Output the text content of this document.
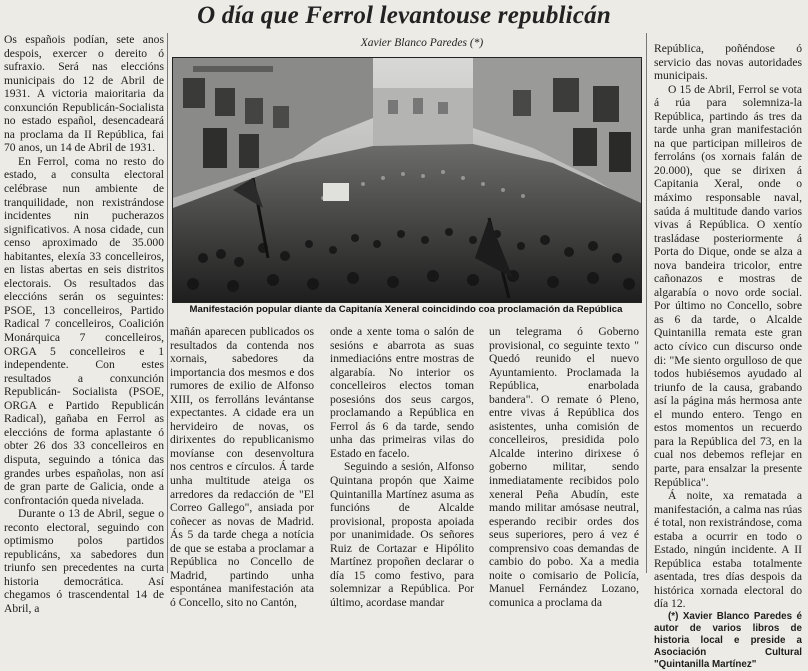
O día que Ferrol levantouse republicán
Xavier Blanco Paredes (*)

Os españois podían, sete anos despois, exercer o dereito ó sufraxio. Será nas eleccións municipais do 12 de Abril de 1931. A victoria maioritaria da conxunción Republicán-Socialista no estado español, desencadeará na proclama da II República, fai 70 anos, un 14 de Abril de 1931.

En Ferrol, coma no resto do estado, a consulta electoral celébrase nun ambiente de tranquilidade, non rexistrándose incidentes nin pucherazos significativos. A nosa cidade, cun censo aproximado de 35.000 habitantes, elexía 33 concelleiros, en listas abertas en seis distritos electorais. Os resultados das eleccións serán os seguintes: PSOE, 13 concelleiros, Partido Radical 7 concelleiros, Coalición Monárquica 7 concelleiros, ORGA 5 concelleiros e 1 independente. Con estes resultados a conxunción Republicán- Socialista (PSOE, ORGA e Partido Republicán Radical), gañaba en Ferrol as eleccións de forma aplastante ó obter 26 dos 33 concelleiros en disputa, seguindo a tónica das grandes urbes españolas, non así de gran parte de Galicia, onde a confrontación queda nivelada.

Durante o 13 de Abril, segue o reconto electoral, seguindo con optimismo polos partidos republicáns, xa sabedores dun triunfo sen precedentes na curta historia democrática. Así chegamos ó trascendental 14 de Abril, a

Manifestación popular diante da Capitanía Xeneral coincidindo coa proclamación da República

mañán aparecen publicados os resultados da contenda nos xornais, sabedores da importancia dos mesmos e dos rumores de exilio de Alfonso XIII, os ferrolláns levántanse expectantes. A cidade era un hervideiro de novas, os dirixentes do republicanismo movíanse con desenvoltura nos centros e círculos. Á tarde unha multitude ateiga os arredores da redacción de "El Correo Gallego", ansiada por coñecer as novas de Madrid. Ás 5 da tarde chega a notícia de que se estaba a proclamar a República no Concello de Madrid, partindo unha espontánea manifestación ata ó Concello, sito no Cantón,

onde a xente toma o salón de sesións e abarrota as suas inmediacións entre mostras de algarabía. No interior os concelleiros electos toman posesións dos seus cargos, proclamando a República en Ferrol ás 6 da tarde, sendo unha das primeiras vilas do Estado en facelo.

Seguindo a sesión, Alfonso Quintana propón que Xaime Quintanilla Martínez asuma as funcións de Alcalde provisional, proposta apoiada por unanimidade. Os señores Ruiz de Cortazar e Hipólito Martínez propoñen declarar o día 15 como festivo, para solemnizar a República. Por último, acordase mandar

un telegrama ó Goberno provisional, co seguinte texto " Quedó reunido el nuevo Ayuntamiento. Proclamada la República, enarbolada bandera". O remate ó Pleno, entre vivas á República dos asistentes, unha comisión de concelleiros, presidida polo Alcalde interino dirixese ó goberno militar, sendo inmediatamente recibidos polo xeneral Peña Abudín, este mando militar amósase neutral, esperando recibir ordes dos seus superiores, pero á vez é comprensivo coas demandas de cambio do pobo. Xa a media noite o comisario de Policía, Manuel Fernández Lozano, comunica a proclama da

República, poñéndose ó servicio das novas autoridades municipais.

O 15 de Abril, Ferrol se vota á rúa para solemniza-la República, partindo ás tres da tarde unha gran manifestación na que participan milleiros de ferroláns (os xornais falán de 20.000), que se dirixen á Capitania Xeral, onde o máximo responsable naval, saúda á multitude dando varios vivas á República. O xentío trasládase posteriormente á Porta do Dique, onde se alza a nova bandeira tricolor, entre cañonazos e mostras de algarabía o novo orde social. Por último no Concello, sobre as 6 da tarde, o Alcalde Quintanilla remata este gran acto cívico cun discurso onde di: "Me siento orgulloso de que todos hubiésemos ayudado al triunfo de la causa, grabando así la página más hermosa ante el mundo entero. Tengo en estos momentos un recuerdo para la República del 73, en la cual nos debemos reflejar en parte, para ensalzar la presente República".

Á noite, xa rematada a manifestación, a calma nas rúas é total, non rexistrándose, coma estaba a ocurrir en todo o Estado, ningún incidente. A II República estaba totalmente asentada, tres días despois da histórica xornada electoral do día 12.

(*) Xavier Blanco Paredes é autor de varios libros de historia local e preside a Asociación Cultural "Quintanilla Martínez"
